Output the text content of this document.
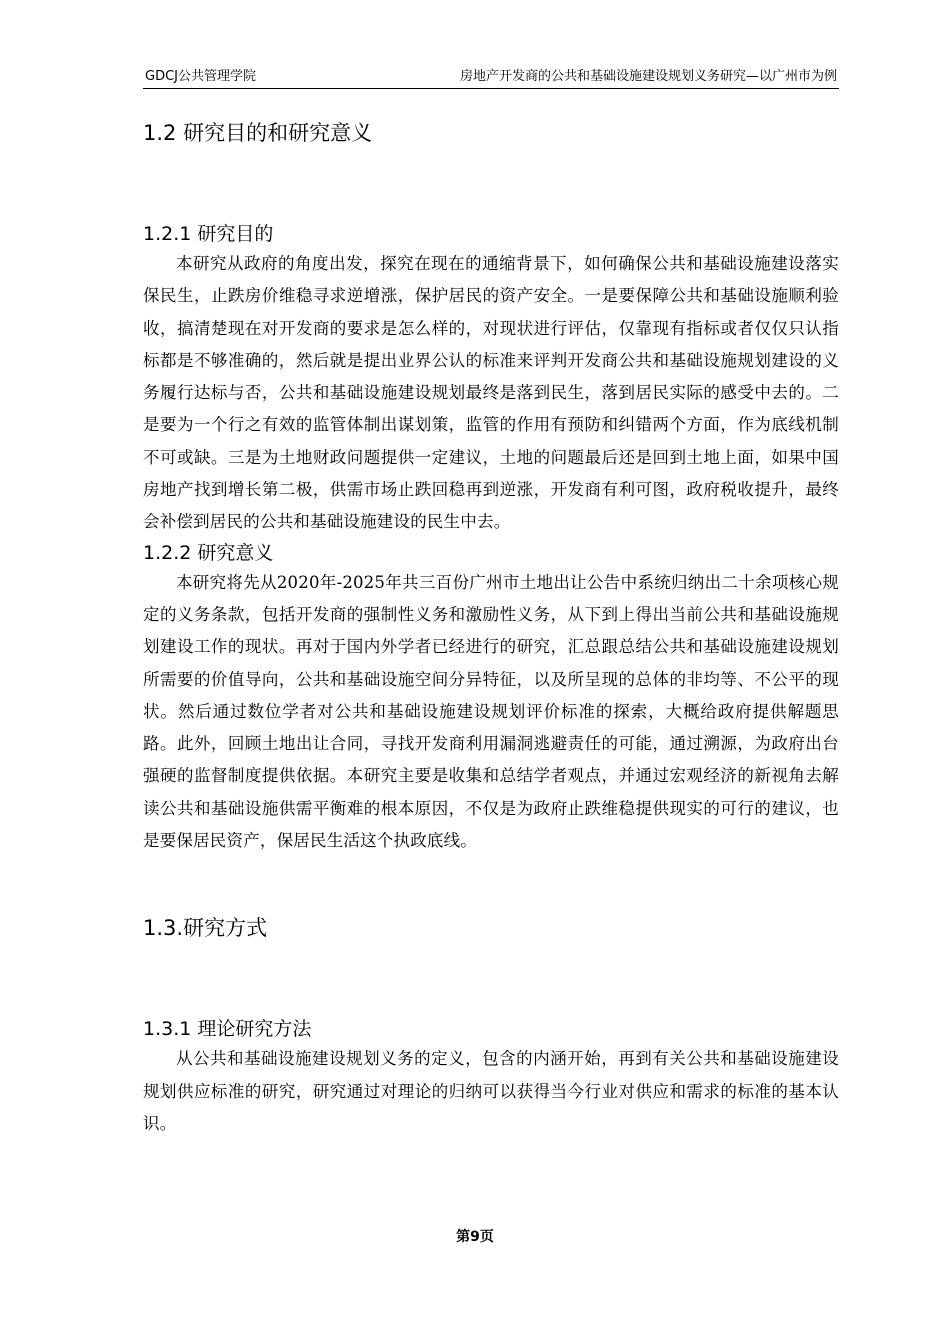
GDCJ公共管理学院	房地产开发商的公共和基础设施建设规划义务研究—以广州市为例
1.2 研究目的和研究意义
1.2.1 研究目的

本研究从政府的角度出发，探究在现在的通缩背景下，如何确保公共和基础设施建设落实保民生，止跌房价维稳寻求逆增涨，保护居民的资产安全。一是要保障公共和基础设施顺利验收，搞清楚现在对开发商的要求是怎么样的，对现状进行评估，仅靠现有指标或者仅仅只认指标都是不够准确的，然后就是提出业界公认的标准来评判开发商公共和基础设施规划建设的义务履行达标与否，公共和基础设施建设规划最终是落到民生，落到居民实际的感受中去的。二是要为一个行之有效的监管体制出谋划策，监管的作用有预防和纠错两个方面，作为底线机制不可或缺。三是为土地财政问题提供一定建议，土地的问题最后还是回到土地上面，如果中国房地产找到增长第二极，供需市场止跌回稳再到逆涨，开发商有利可图，政府税收提升，最终会补偿到居民的公共和基础设施建设的民生中去。

1.2.2 研究意义

本研究将先从2020年-2025年共三百份广州市土地出让公告中系统归纳出二十余项核心规定的义务条款，包括开发商的强制性义务和激励性义务，从下到上得出当前公共和基础设施规划建设工作的现状。再对于国内外学者已经进行的研究，汇总跟总结公共和基础设施建设规划所需要的价值导向，公共和基础设施空间分异特征，以及所呈现的总体的非均等、不公平的现状。然后通过数位学者对公共和基础设施建设规划评价标准的探索，大概给政府提供解题思路。此外，回顾土地出让合同，寻找开发商利用漏洞逃避责任的可能，通过溯源，为政府出台强硬的监督制度提供依据。本研究主要是收集和总结学者观点，并通过宏观经济的新视角去解读公共和基础设施供需平衡难的根本原因，不仅是为政府止跌维稳提供现实的可行的建议，也是要保居民资产，保居民生活这个执政底线。

1.3.研究方式
1.3.1 理论研究方法

从公共和基础设施建设规划义务的定义，包含的内涵开始，再到有关公共和基础设施建设规划供应标准的研究，研究通过对理论的归纳可以获得当今行业对供应和需求的标准的基本认识。

第9页
